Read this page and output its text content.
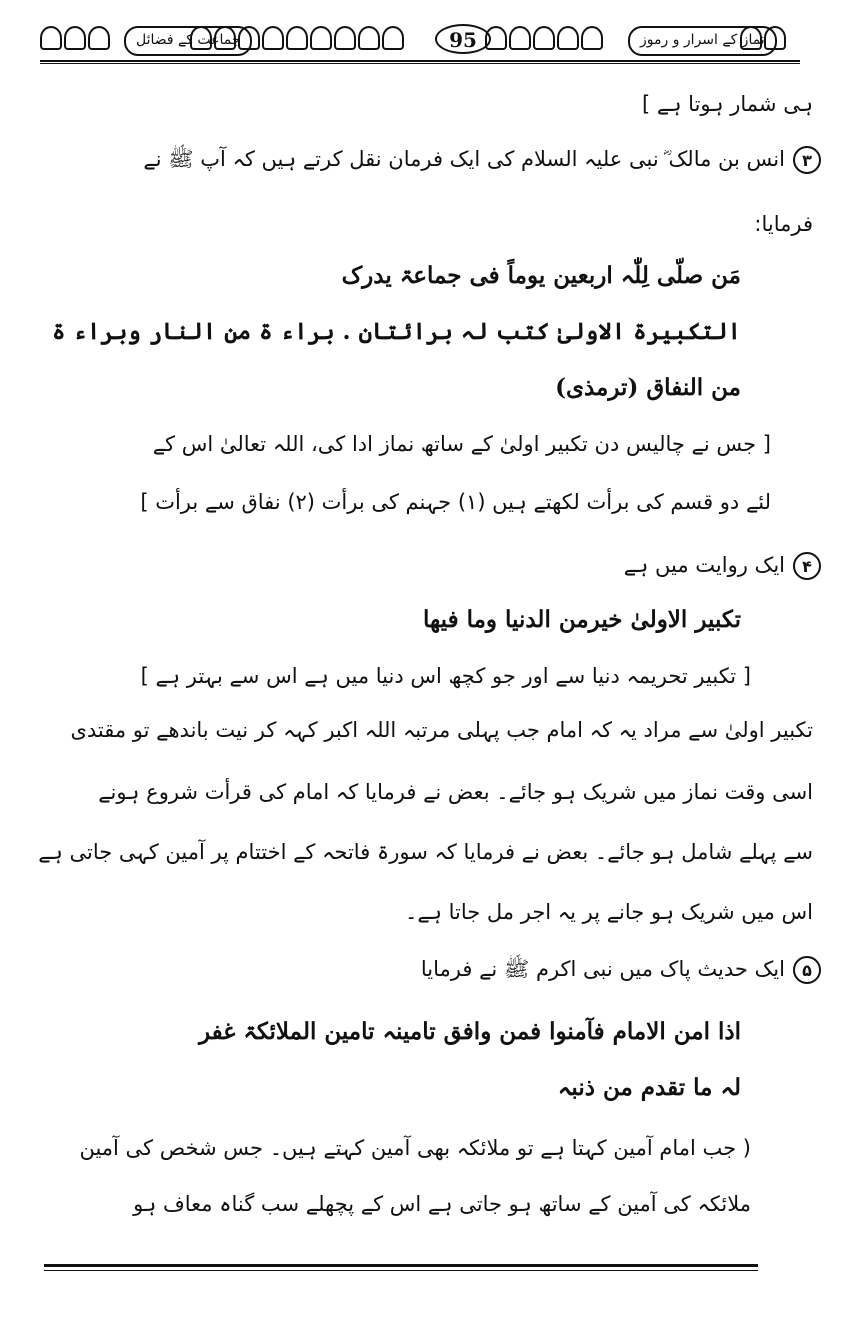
جماعت کے فضائل	95	نماز کے اسرار و رموز
ہی شمار ہوتا ہے ]
۳انس بن مالک ؓ نبی علیہ السلام کی ایک فرمان نقل کرتے ہیں کہ آپ ﷺ نے
فرمایا:
مَن صلّی لِلّٰہ اربعین یوماً فی جماعۃ یدرک
التکبیرۃ الاولیٰ کتب لہ برائتان . براء ۃ من النار وبراء ۃ
من النفاق (ترمذی)
[ جس نے چالیس دن تکبیر اولیٰ کے ساتھ نماز ادا کی، اللہ تعالیٰ اس کے
لئے دو قسم کی برأت لکھتے ہیں (۱) جہنم کی برأت (۲) نفاق سے برأت ]
۴ایک روایت میں ہے
تکبیر الاولیٰ خیرمن الدنیا وما فیھا
[ تکبیر تحریمہ دنیا سے اور جو کچھ اس دنیا میں ہے اس سے بہتر ہے ]
تکبیر اولیٰ سے مراد یہ کہ امام جب پہلی مرتبہ اللہ اکبر کہہ کر نیت باندھے تو مقتدی
اسی وقت نماز میں شریک ہو جائے۔ بعض نے فرمایا کہ امام کی قرأت شروع ہونے
سے پہلے شامل ہو جائے۔ بعض نے فرمایا کہ سورۃ فاتحہ کے اختتام پر آمین کہی جاتی ہے
اس میں شریک ہو جانے پر یہ اجر مل جاتا ہے۔
۵ایک حدیث پاک میں نبی اکرم ﷺ نے فرمایا
اذا امن الامام فآمنوا فمن وافق تامینہ تامین الملائکۃ غفر
لہ ما تقدم من ذنبہ
( جب امام آمین کہتا ہے تو ملائکہ بھی آمین کہتے ہیں۔ جس شخص کی آمین
ملائکہ کی آمین کے ساتھ ہو جاتی ہے اس کے پچھلے سب گناہ معاف ہو
